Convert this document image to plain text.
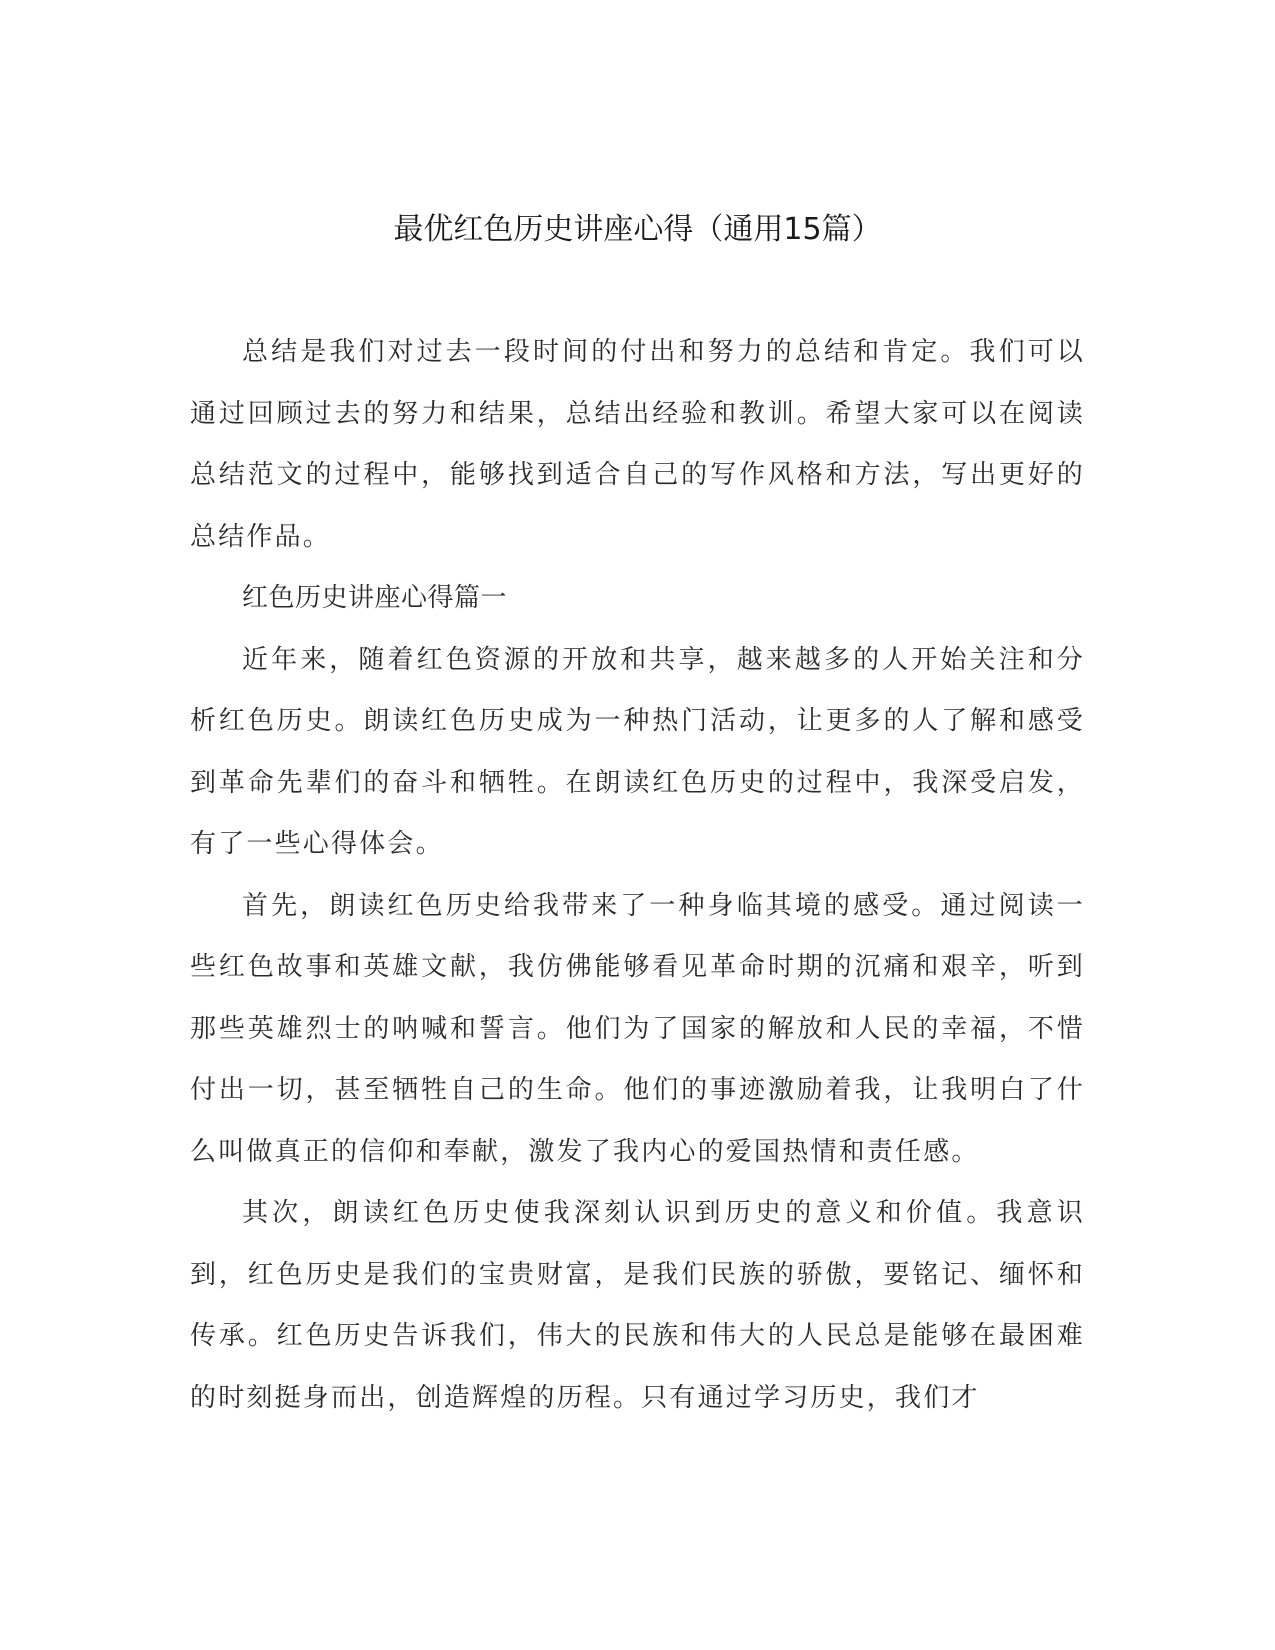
最优红色历史讲座心得（通用15篇）

总结是我们对过去一段时间的付出和努力的总结和肯定。我们可以通过回顾过去的努力和结果，总结出经验和教训。希望大家可以在阅读总结范文的过程中，能够找到适合自己的写作风格和方法，写出更好的总结作品。

红色历史讲座心得篇一

近年来，随着红色资源的开放和共享，越来越多的人开始关注和分析红色历史。朗读红色历史成为一种热门活动，让更多的人了解和感受到革命先辈们的奋斗和牺牲。在朗读红色历史的过程中，我深受启发，有了一些心得体会。

首先，朗读红色历史给我带来了一种身临其境的感受。通过阅读一些红色故事和英雄文献，我仿佛能够看见革命时期的沉痛和艰辛，听到那些英雄烈士的呐喊和誓言。他们为了国家的解放和人民的幸福，不惜付出一切，甚至牺牲自己的生命。他们的事迹激励着我，让我明白了什么叫做真正的信仰和奉献，激发了我内心的爱国热情和责任感。

其次，朗读红色历史使我深刻认识到历史的意义和价值。我意识到，红色历史是我们的宝贵财富，是我们民族的骄傲，要铭记、缅怀和传承。红色历史告诉我们，伟大的民族和伟大的人民总是能够在最困难的时刻挺身而出，创造辉煌的历程。只有通过学习历史，我们才
